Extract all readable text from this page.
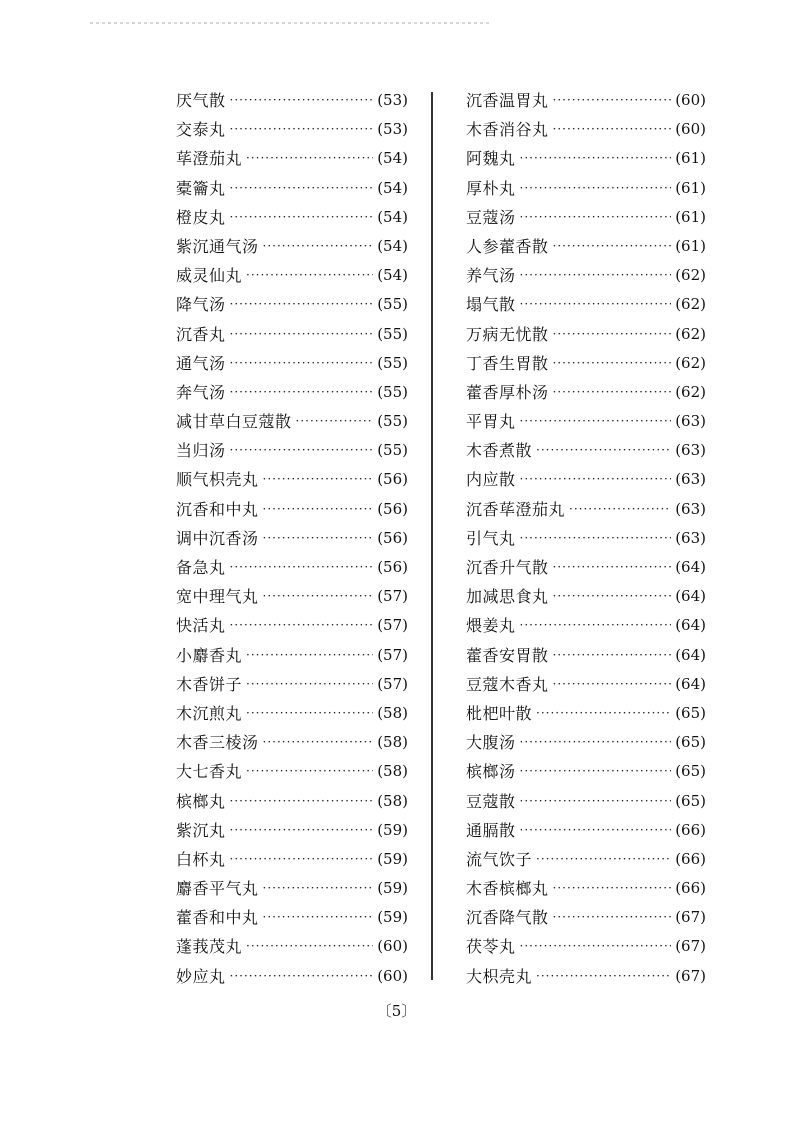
厌气散 ·····	(53)
交泰丸 ·····	(53)
荜澄茄丸 ·····	(54)
橐籥丸 ·····	(54)
橙皮丸 ·····	(54)
紫沉通气汤 ·····	(54)
威灵仙丸 ·····	(54)
降气汤 ·····	(55)
沉香丸 ·····	(55)
通气汤 ·····	(55)
奔气汤 ·····	(55)
减甘草白豆蔻散 ·····	(55)
当归汤 ·····	(55)
顺气枳壳丸 ·····	(56)
沉香和中丸 ·····	(56)
调中沉香汤 ·····	(56)
备急丸 ·····	(56)
宽中理气丸 ·····	(57)
快活丸 ·····	(57)
小麝香丸 ·····	(57)
木香饼子 ·····	(57)
木沉煎丸 ·····	(58)
木香三棱汤 ·····	(58)
大七香丸 ·····	(58)
槟榔丸 ·····	(58)
紫沉丸 ·····	(59)
白杯丸 ·····	(59)
麝香平气丸 ·····	(59)
藿香和中丸 ·····	(59)
蓬莪茂丸 ·····	(60)
妙应丸 ·····	(60)
沉香温胃丸 ·····	(60)
木香消谷丸 ·····	(60)
阿魏丸 ·····	(61)
厚朴丸 ·····	(61)
豆蔻汤 ·····	(61)
人参藿香散 ·····	(61)
养气汤 ·····	(62)
塌气散 ·····	(62)
万病无忧散 ·····	(62)
丁香生胃散 ·····	(62)
藿香厚朴汤 ·····	(62)
平胃丸 ·····	(63)
木香煮散 ·····	(63)
内应散 ·····	(63)
沉香荜澄茄丸 ·····	(63)
引气丸 ·····	(63)
沉香升气散 ·····	(64)
加减思食丸 ·····	(64)
煨姜丸 ·····	(64)
藿香安胃散 ·····	(64)
豆蔻木香丸 ·····	(64)
枇杷叶散 ·····	(65)
大腹汤 ·····	(65)
槟榔汤 ·····	(65)
豆蔻散 ·····	(65)
通膈散 ·····	(66)
流气饮子 ·····	(66)
木香槟榔丸 ·····	(66)
沉香降气散 ·····	(67)
茯苓丸 ·····	(67)
大枳壳丸 ·····	(67)
〔5〕
